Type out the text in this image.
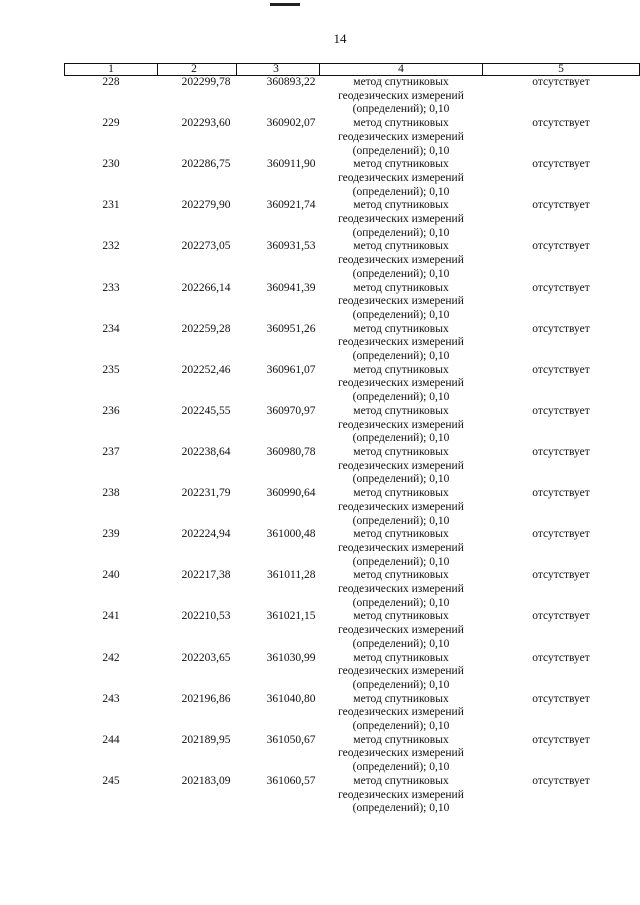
14
1	2	3	4	5
228	202299,78	360893,22	метод спутниковых геодезических измерений (определений); 0,10	отсутствует
229	202293,60	360902,07	метод спутниковых геодезических измерений (определений); 0,10	отсутствует
230	202286,75	360911,90	метод спутниковых геодезических измерений (определений); 0,10	отсутствует
231	202279,90	360921,74	метод спутниковых геодезических измерений (определений); 0,10	отсутствует
232	202273,05	360931,53	метод спутниковых геодезических измерений (определений); 0,10	отсутствует
233	202266,14	360941,39	метод спутниковых геодезических измерений (определений); 0,10	отсутствует
234	202259,28	360951,26	метод спутниковых геодезических измерений (определений); 0,10	отсутствует
235	202252,46	360961,07	метод спутниковых геодезических измерений (определений); 0,10	отсутствует
236	202245,55	360970,97	метод спутниковых геодезических измерений (определений); 0,10	отсутствует
237	202238,64	360980,78	метод спутниковых геодезических измерений (определений); 0,10	отсутствует
238	202231,79	360990,64	метод спутниковых геодезических измерений (определений); 0,10	отсутствует
239	202224,94	361000,48	метод спутниковых геодезических измерений (определений); 0,10	отсутствует
240	202217,38	361011,28	метод спутниковых геодезических измерений (определений); 0,10	отсутствует
241	202210,53	361021,15	метод спутниковых геодезических измерений (определений); 0,10	отсутствует
242	202203,65	361030,99	метод спутниковых геодезических измерений (определений); 0,10	отсутствует
243	202196,86	361040,80	метод спутниковых геодезических измерений (определений); 0,10	отсутствует
244	202189,95	361050,67	метод спутниковых геодезических измерений (определений); 0,10	отсутствует
245	202183,09	361060,57	метод спутниковых геодезических измерений (определений); 0,10	отсутствует
